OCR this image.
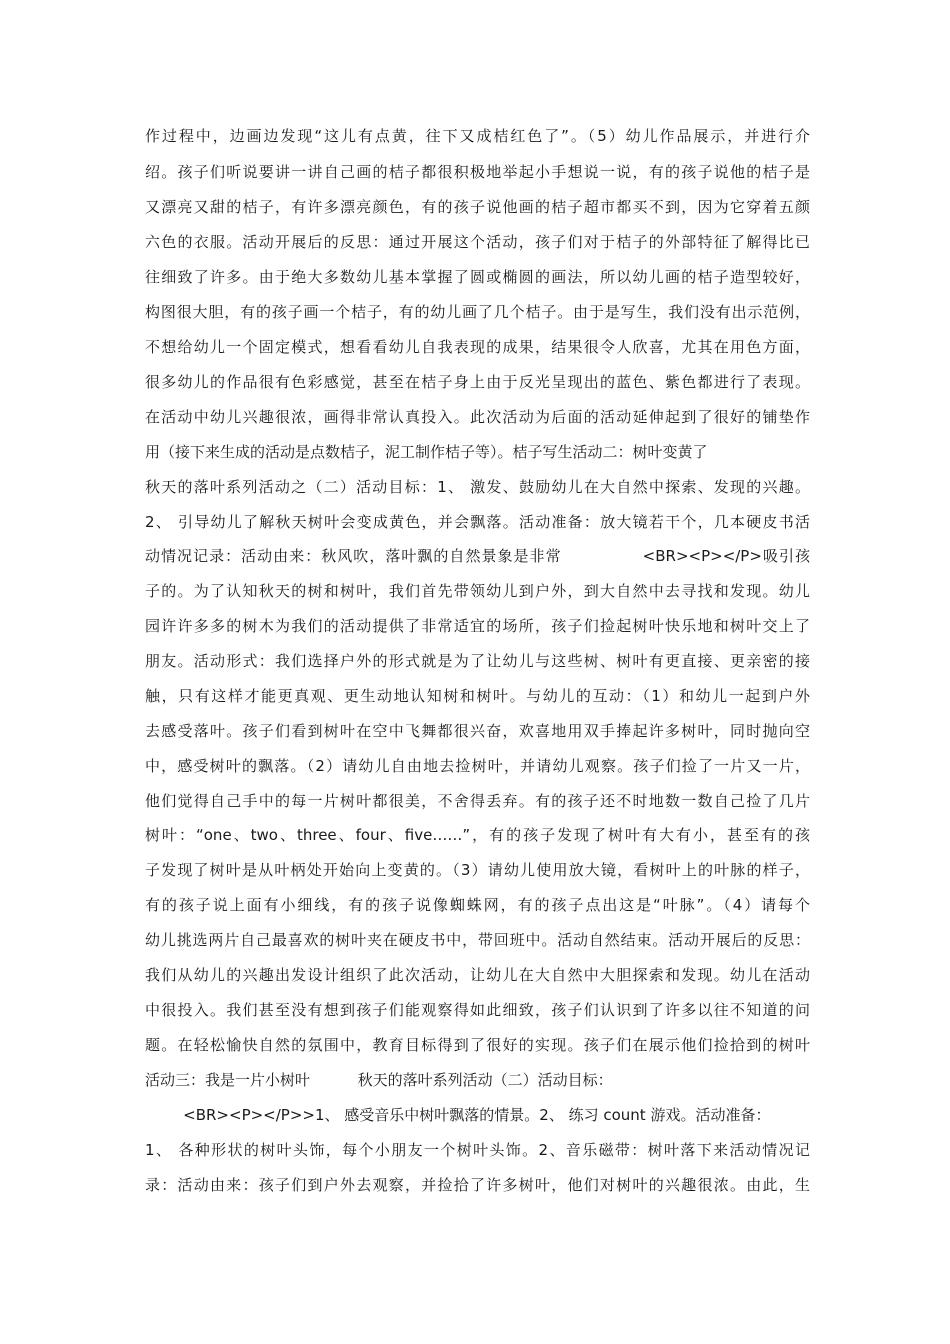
作过程中，边画边发现“这儿有点黄，往下又成桔红色了”。（5）幼儿作品展示，并进行介
绍。孩子们听说要讲一讲自己画的桔子都很积极地举起小手想说一说，有的孩子说他的桔子是
又漂亮又甜的桔子，有许多漂亮颜色，有的孩子说他画的桔子超市都买不到，因为它穿着五颜
六色的衣服。活动开展后的反思：通过开展这个活动，孩子们对于桔子的外部特征了解得比已
往细致了许多。由于绝大多数幼儿基本掌握了圆或椭圆的画法，所以幼儿画的桔子造型较好，
构图很大胆，有的孩子画一个桔子，有的幼儿画了几个桔子。由于是写生，我们没有出示范例，
不想给幼儿一个固定模式，想看看幼儿自我表现的成果，结果很令人欣喜，尤其在用色方面，
很多幼儿的作品很有色彩感觉，甚至在桔子身上由于反光呈现出的蓝色、紫色都进行了表现。
在活动中幼儿兴趣很浓，画得非常认真投入。此次活动为后面的活动延伸起到了很好的铺垫作
用（接下来生成的活动是点数桔子，泥工制作桔子等）。桔子写生活动二：树叶变黄了
秋天的落叶系列活动之（二）活动目标：1、 激发、鼓励幼儿在大自然中探索、发现的兴趣。
2、 引导幼儿了解秋天树叶会变成黄色，并会飘落。活动准备：放大镜若干个，几本硬皮书活
动情况记录：活动由来：秋风吹，落叶飘的自然景象是非常              <BR><P></P>吸引孩
子的。为了认知秋天的树和树叶，我们首先带领幼儿到户外，到大自然中去寻找和发现。幼儿
园许许多多的树木为我们的活动提供了非常适宜的场所，孩子们捡起树叶快乐地和树叶交上了
朋友。活动形式：我们选择户外的形式就是为了让幼儿与这些树、树叶有更直接、更亲密的接
触，只有这样才能更真观、更生动地认知树和树叶。与幼儿的互动：（1）和幼儿一起到户外
去感受落叶。孩子们看到树叶在空中飞舞都很兴奋，欢喜地用双手捧起许多树叶，同时抛向空
中，感受树叶的飘落。（2）请幼儿自由地去捡树叶，并请幼儿观察。孩子们捡了一片又一片，
他们觉得自己手中的每一片树叶都很美，不舍得丢弃。有的孩子还不时地数一数自己捡了几片
树叶：“one、two、three、four、five……”，有的孩子发现了树叶有大有小，甚至有的孩
子发现了树叶是从叶柄处开始向上变黄的。（3）请幼儿使用放大镜，看树叶上的叶脉的样子，
有的孩子说上面有小细线，有的孩子说像蜘蛛网，有的孩子点出这是“叶脉”。（4）请每个
幼儿挑选两片自己最喜欢的树叶夹在硬皮书中，带回班中。活动自然结束。活动开展后的反思：
我们从幼儿的兴趣出发设计组织了此次活动，让幼儿在大自然中大胆探索和发现。幼儿在活动
中很投入。我们甚至没有想到孩子们能观察得如此细致，孩子们认识到了许多以往不知道的问
题。在轻松愉快自然的氛围中，教育目标得到了很好的实现。孩子们在展示他们捡拾到的树叶
活动三：我是一片小树叶          秋天的落叶系列活动（二）活动目标：
<BR><P></P>>1、 感受音乐中树叶飘落的情景。2、 练习 count 游戏。活动准备：
1、 各种形状的树叶头饰，每个小朋友一个树叶头饰。2、音乐磁带：树叶落下来活动情况记
录：活动由来：孩子们到户外去观察，并捡拾了许多树叶，他们对树叶的兴趣很浓。由此，生
